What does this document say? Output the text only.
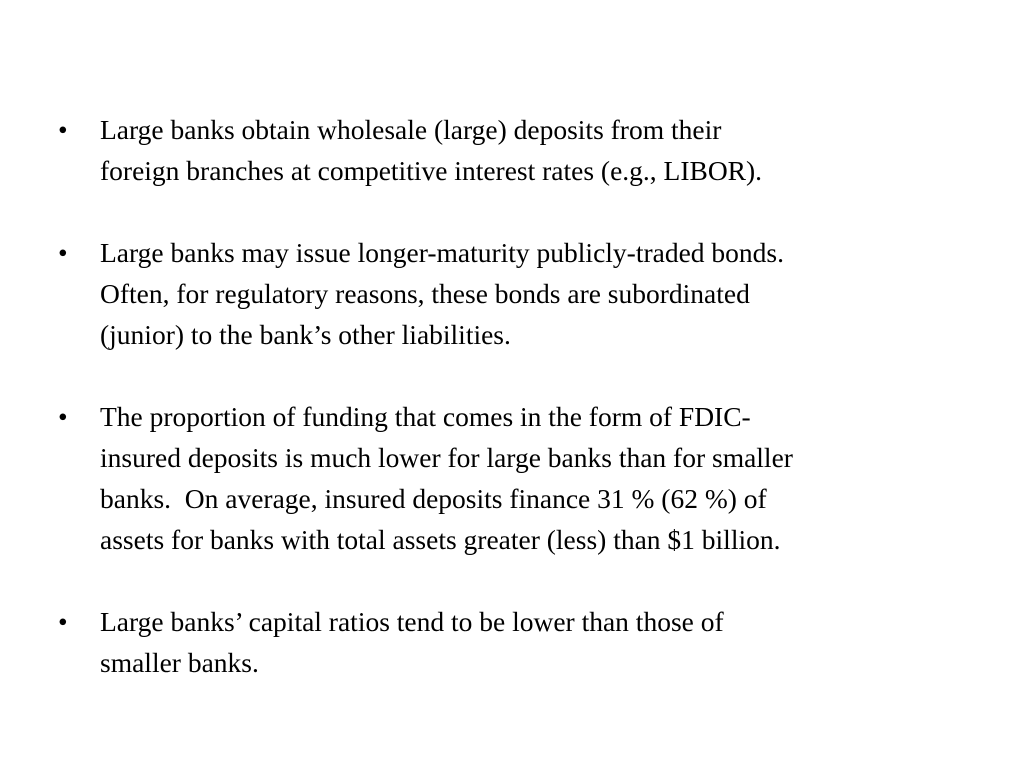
•	Large banks obtain wholesale (large) deposits from their
foreign branches at competitive interest rates (e.g., LIBOR).
•	Large banks may issue longer-maturity publicly-traded bonds.
Often, for regulatory reasons, these bonds are subordinated
(junior) to the bank’s other liabilities.
•	The proportion of funding that comes in the form of FDIC-
insured deposits is much lower for large banks than for smaller
banks.  On average, insured deposits finance 31 % (62 %) of
assets for banks with total assets greater (less) than $1 billion.
•	Large banks’ capital ratios tend to be lower than those of
smaller banks.
